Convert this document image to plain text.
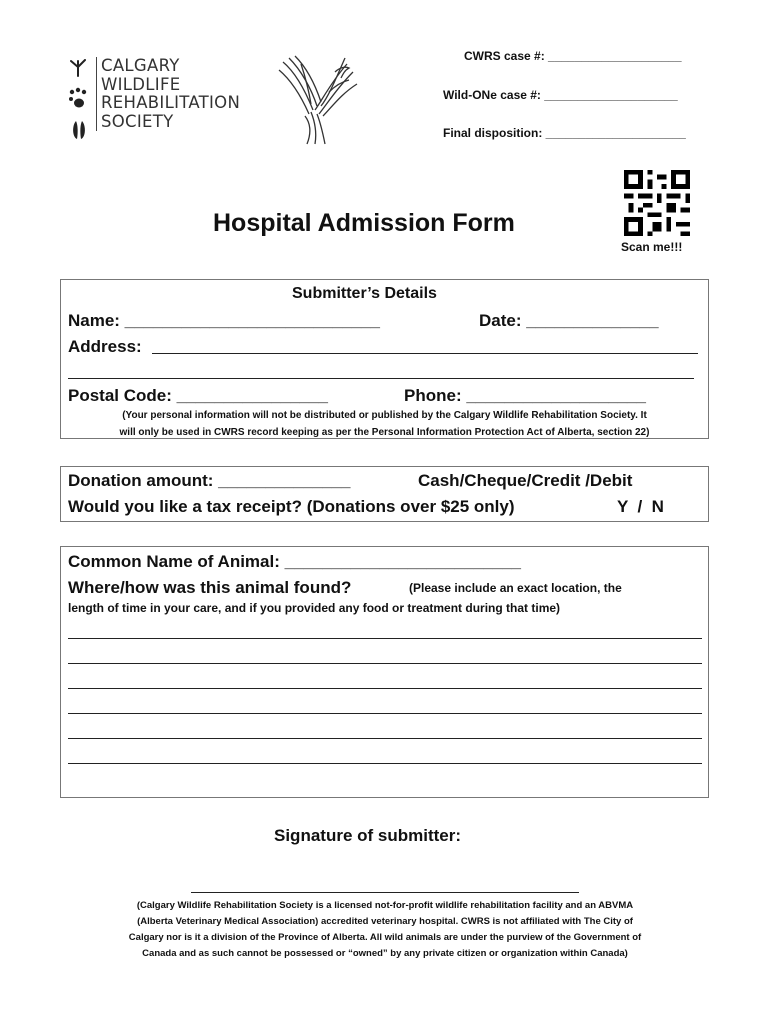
CALGARY
WILDLIFE
REHABILITATION
SOCIETY
CWRS case #: ____________________
Wild-ONe case #: ____________________
Final disposition: _____________________
Scan me!!!
Hospital Admission Form
Submitter’s Details
Name: ___________________________	Date: ______________
Address:
Postal Code: ________________	Phone: ___________________
(Your personal information will not be distributed or published by the Calgary Wildlife Rehabilitation Society. It
will only be used in CWRS record keeping as per the Personal Information Protection Act of Alberta, section 22)
Donation amount: ______________	Cash/Cheque/Credit /Debit
Would you like a tax receipt? (Donations over $25 only)	Y  /  N
Common Name of Animal: _________________________
Where/how was this animal found?	(Please include an exact location, the
length of time in your care, and if you provided any food or treatment during that time)
Signature of submitter:
(Calgary Wildlife Rehabilitation Society is a licensed not-for-profit wildlife rehabilitation facility and an ABVMA
(Alberta Veterinary Medical Association) accredited veterinary hospital. CWRS is not affiliated with The City of
Calgary nor is it a division of the Province of Alberta. All wild animals are under the purview of the Government of
Canada and as such cannot be possessed or “owned” by any private citizen or organization within Canada)
